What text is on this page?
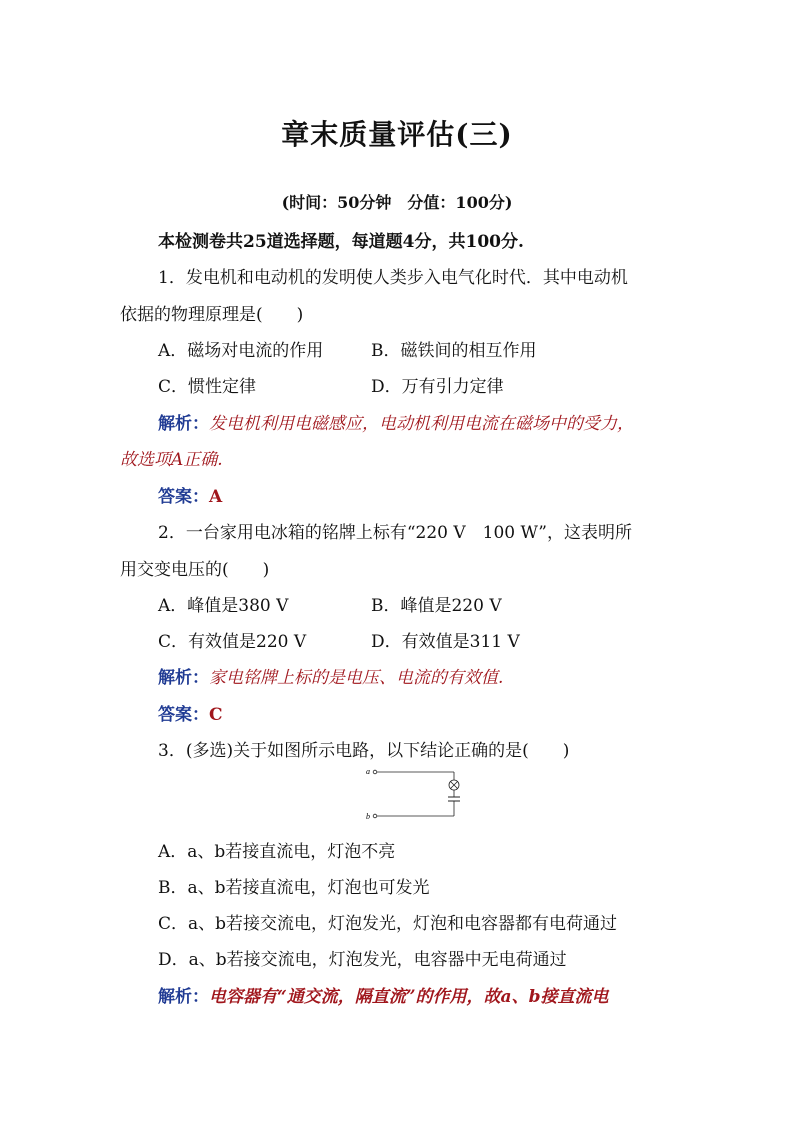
章末质量评估(三)
(时间：50分钟　分值：100分)
本检测卷共25道选择题，每道题4分，共100分.
1．发电机和电动机的发明使人类步入电气化时代．其中电动机
依据的物理原理是(　　)
A．磁场对电流的作用	B．磁铁间的相互作用
C．惯性定律	D．万有引力定律
解析：发电机利用电磁感应，电动机利用电流在磁场中的受力，
故选项A正确.
答案：A
2．一台家用电冰箱的铭牌上标有“220 V　100 W”，这表明所
用交变电压的(　　)
A．峰值是380 V	B．峰值是220 V
C．有效值是220 V	D．有效值是311 V
解析：家电铭牌上标的是电压、电流的有效值.
答案：C
3．(多选)关于如图所示电路，以下结论正确的是(　　)
a
b
A．a、b若接直流电，灯泡不亮
B．a、b若接直流电，灯泡也可发光
C．a、b若接交流电，灯泡发光，灯泡和电容器都有电荷通过
D．a、b若接交流电，灯泡发光，电容器中无电荷通过
解析：电容器有“通交流，隔直流”的作用，故a、b接直流电
